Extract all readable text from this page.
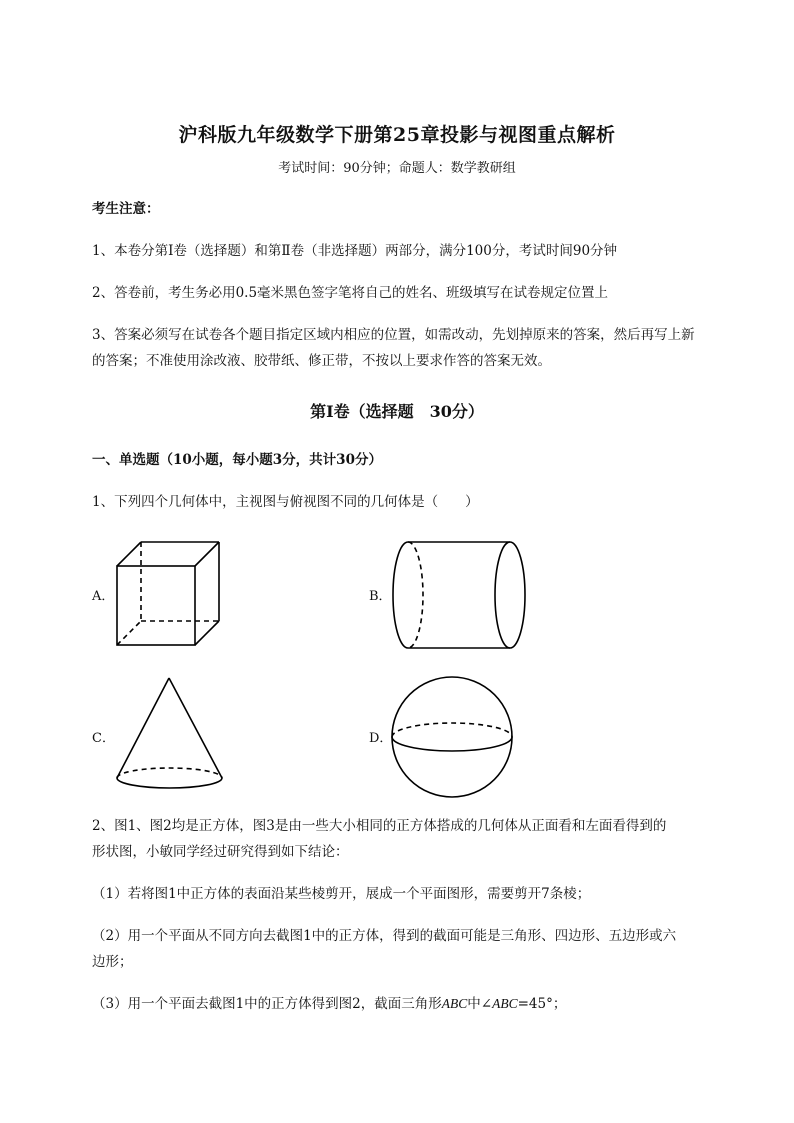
沪科版九年级数学下册第25章投影与视图重点解析
考试时间：90分钟；命题人：数学教研组
考生注意：
1、本卷分第I卷（选择题）和第Ⅱ卷（非选择题）两部分，满分100分，考试时间90分钟
2、答卷前，考生务必用0.5毫米黑色签字笔将自己的姓名、班级填写在试卷规定位置上
3、答案必须写在试卷各个题目指定区域内相应的位置，如需改动，先划掉原来的答案，然后再写上新
的答案；不准使用涂改液、胶带纸、修正带，不按以上要求作答的答案无效。
第I卷（选择题　30分）
一、单选题（10小题，每小题3分，共计30分）
1、下列四个几何体中，主视图与俯视图不同的几何体是（　　）
A．	B．
C．	D．
2、图1、图2均是正方体，图3是由一些大小相同的正方体搭成的几何体从正面看和左面看得到的
形状图，小敏同学经过研究得到如下结论：
（1）若将图1中正方体的表面沿某些棱剪开，展成一个平面图形，需要剪开7条棱；
（2）用一个平面从不同方向去截图1中的正方体，得到的截面可能是三角形、四边形、五边形或六
边形；
（3）用一个平面去截图1中的正方体得到图2，截面三角形ABC中∠ABC=45°；
